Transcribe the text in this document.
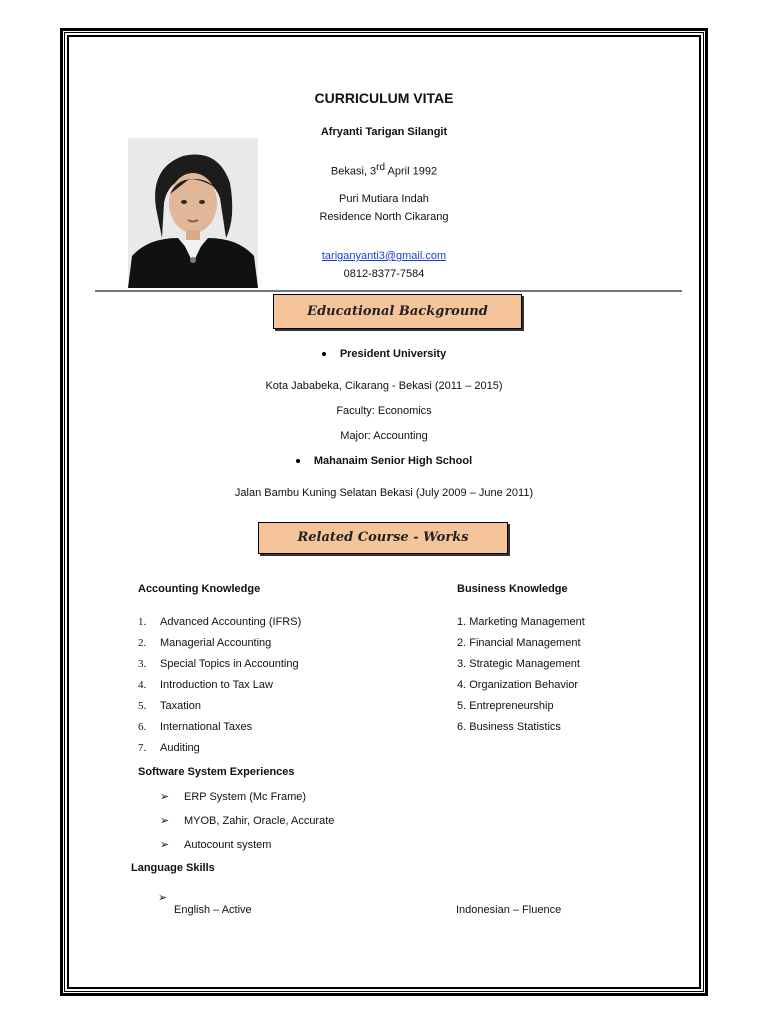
CURRICULUM VITAE
Afryanti Tarigan Silangit
Bekasi, 3rd April 1992
Puri Mutiara Indah
Residence North Cikarang
tariganyanti3@gmail.com
0812-8377-7584
Educational Background
President University
Kota Jababeka, Cikarang - Bekasi (2011 – 2015)
Faculty: Economics
Major: Accounting
Mahanaim Senior High School
Jalan Bambu Kuning Selatan Bekasi (July 2009 – June 2011)
Related Course - Works
Accounting Knowledge	Business Knowledge
1. Advanced Accounting (IFRS)
2. Managerial Accounting
3. Special Topics in Accounting
4. Introduction to Tax Law
5. Taxation
6. International Taxes
7. Auditing
1. Marketing Management
2. Financial Management
3. Strategic Management
4. Organization Behavior
5. Entrepreneurship
6. Business Statistics
Software System Experiences
➢ ERP System (Mc Frame)
➢ MYOB, Zahir, Oracle, Accurate
➢ Autocount system
Language Skills
➢
English – Active	Indonesian – Fluence
